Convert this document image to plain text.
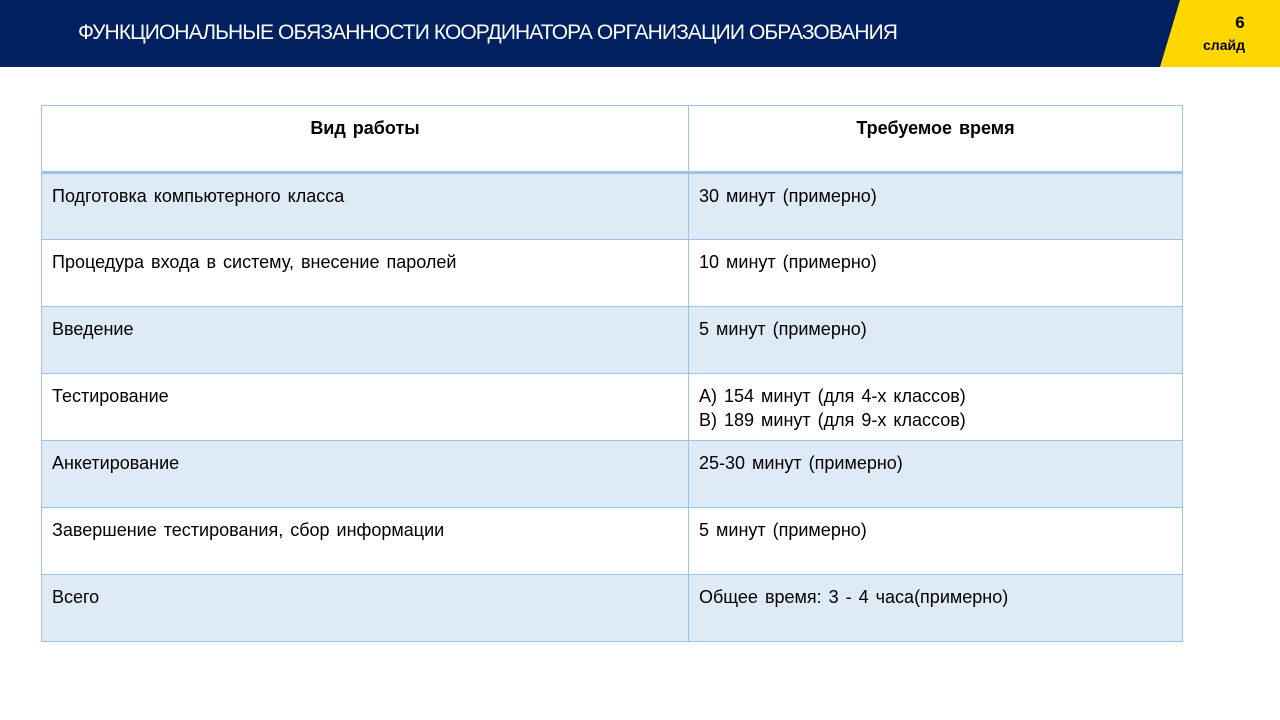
ФУНКЦИОНАЛЬНЫЕ ОБЯЗАННОСТИ КООРДИНАТОРА ОРГАНИЗАЦИИ ОБРАЗОВАНИЯ	6
слайд
Вид работы	Требуемое время
Подготовка компьютерного класса	30 минут (примерно)

Процедура входа в систему, внесение паролей	10 минут (примерно)

Введение	5 минут (примерно)

Тестирование	А) 154 минут (для 4-х классов)
В) 189 минут (для 9-х классов)

Анкетирование	25-30 минут (примерно)

Завершение тестирования, сбор информации	5 минут (примерно)

Всего	Общее время: 3 - 4 часа(примерно)
